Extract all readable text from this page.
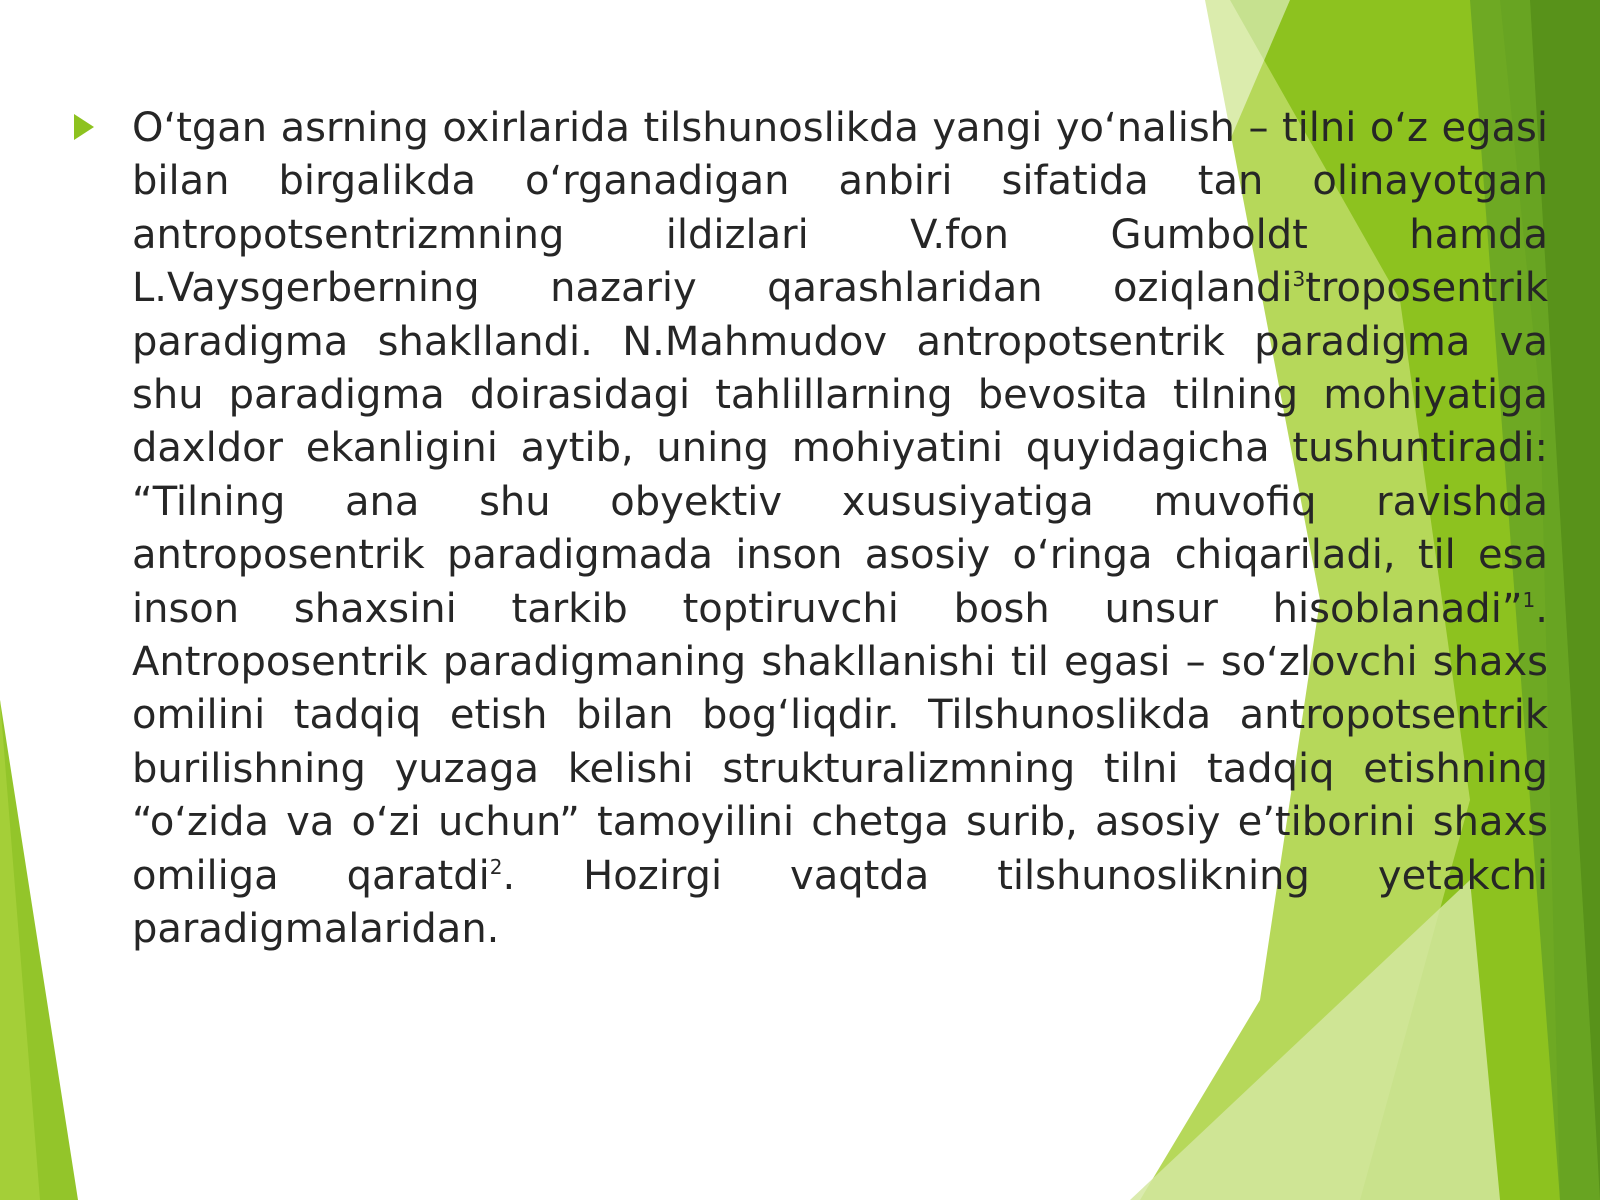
O‘tgan asrning oxirlarida tilshunoslikda yangi yo‘nalish – tilni o‘z egasi bilan birgalikda o‘rganadigan anbiri sifatida tan olinayotgan antropotsentrizmning ildizlari V.fon Gumboldt hamda L.Vaysgerberning nazariy qarashlaridan oziqlandi$^3$troposentrik paradigma shakllandi. N.Mahmudov antropotsentrik paradigma va shu paradigma doirasidagi tahlillarning bevosita tilning mohiyatiga daxldor ekanligini aytib, uning mohiyatini quyidagicha tushuntiradi: “Tilning ana shu obyektiv xususiyatiga muvofiq ravishda antroposentrik paradigmada inson asosiy o‘ringa chiqariladi, til esa inson shaxsini tarkib toptiruvchi bosh unsur hisoblanadi”$^1$. Antroposentrik paradigmaning shakllanishi til egasi – so‘zlovchi shaxs omilini tadqiq etish bilan bog‘liqdir. Tilshunoslikda antropotsentrik burilishning yuzaga kelishi strukturalizmning tilni tadqiq etishning “o‘zida va o‘zi uchun” tamoyilini chetga surib, asosiy e’tiborini shaxs omiliga qaratdi$^2$. Hozirgi vaqtda tilshunoslikning yetakchi paradigmalaridan.
